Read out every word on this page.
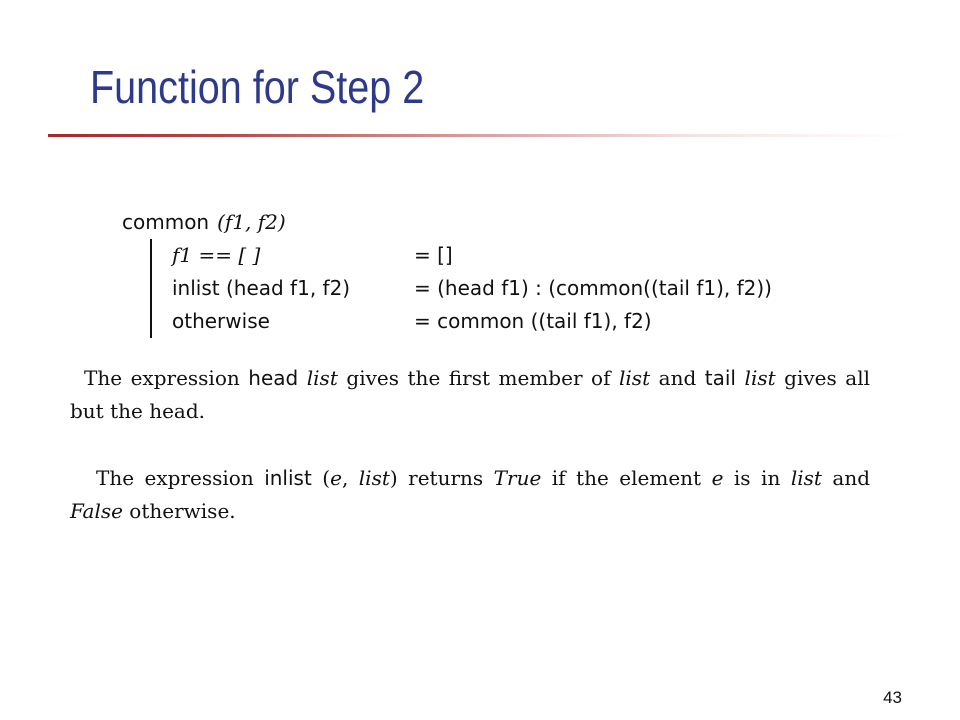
Function for Step 2
common (f1, f2)
f1 == [ ]	= []
inlist (head f1, f2)	= (head f1) : (common((tail f1), f2))
otherwise	= common ((tail f1), f2)
The expression head list gives the first member of list and tail list gives all but the head.
The expression inlist (e, list) returns True if the element e is in list and False otherwise.
43
